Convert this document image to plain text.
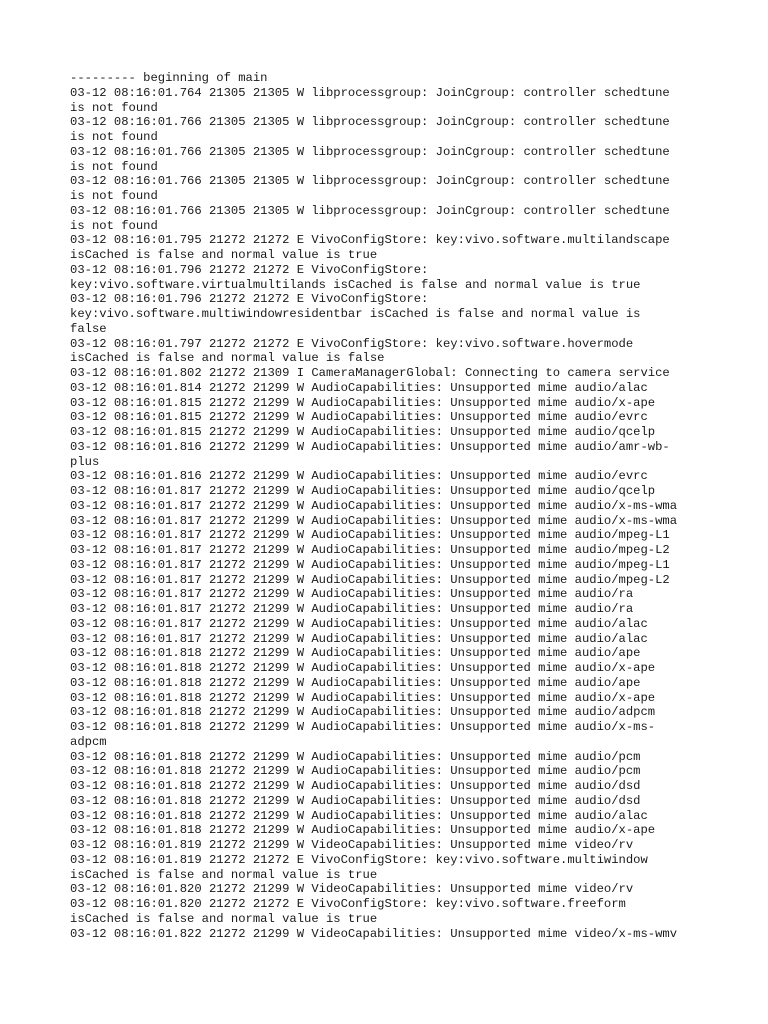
--------- beginning of main
03-12 08:16:01.764 21305 21305 W libprocessgroup: JoinCgroup: controller schedtune
is not found
03-12 08:16:01.766 21305 21305 W libprocessgroup: JoinCgroup: controller schedtune
is not found
03-12 08:16:01.766 21305 21305 W libprocessgroup: JoinCgroup: controller schedtune
is not found
03-12 08:16:01.766 21305 21305 W libprocessgroup: JoinCgroup: controller schedtune
is not found
03-12 08:16:01.766 21305 21305 W libprocessgroup: JoinCgroup: controller schedtune
is not found
03-12 08:16:01.795 21272 21272 E VivoConfigStore: key:vivo.software.multilandscape
isCached is false and normal value is true
03-12 08:16:01.796 21272 21272 E VivoConfigStore:
key:vivo.software.virtualmultilands isCached is false and normal value is true
03-12 08:16:01.796 21272 21272 E VivoConfigStore:
key:vivo.software.multiwindowresidentbar isCached is false and normal value is
false
03-12 08:16:01.797 21272 21272 E VivoConfigStore: key:vivo.software.hovermode
isCached is false and normal value is false
03-12 08:16:01.802 21272 21309 I CameraManagerGlobal: Connecting to camera service
03-12 08:16:01.814 21272 21299 W AudioCapabilities: Unsupported mime audio/alac
03-12 08:16:01.815 21272 21299 W AudioCapabilities: Unsupported mime audio/x-ape
03-12 08:16:01.815 21272 21299 W AudioCapabilities: Unsupported mime audio/evrc
03-12 08:16:01.815 21272 21299 W AudioCapabilities: Unsupported mime audio/qcelp
03-12 08:16:01.816 21272 21299 W AudioCapabilities: Unsupported mime audio/amr-wb-
plus
03-12 08:16:01.816 21272 21299 W AudioCapabilities: Unsupported mime audio/evrc
03-12 08:16:01.817 21272 21299 W AudioCapabilities: Unsupported mime audio/qcelp
03-12 08:16:01.817 21272 21299 W AudioCapabilities: Unsupported mime audio/x-ms-wma
03-12 08:16:01.817 21272 21299 W AudioCapabilities: Unsupported mime audio/x-ms-wma
03-12 08:16:01.817 21272 21299 W AudioCapabilities: Unsupported mime audio/mpeg-L1
03-12 08:16:01.817 21272 21299 W AudioCapabilities: Unsupported mime audio/mpeg-L2
03-12 08:16:01.817 21272 21299 W AudioCapabilities: Unsupported mime audio/mpeg-L1
03-12 08:16:01.817 21272 21299 W AudioCapabilities: Unsupported mime audio/mpeg-L2
03-12 08:16:01.817 21272 21299 W AudioCapabilities: Unsupported mime audio/ra
03-12 08:16:01.817 21272 21299 W AudioCapabilities: Unsupported mime audio/ra
03-12 08:16:01.817 21272 21299 W AudioCapabilities: Unsupported mime audio/alac
03-12 08:16:01.817 21272 21299 W AudioCapabilities: Unsupported mime audio/alac
03-12 08:16:01.818 21272 21299 W AudioCapabilities: Unsupported mime audio/ape
03-12 08:16:01.818 21272 21299 W AudioCapabilities: Unsupported mime audio/x-ape
03-12 08:16:01.818 21272 21299 W AudioCapabilities: Unsupported mime audio/ape
03-12 08:16:01.818 21272 21299 W AudioCapabilities: Unsupported mime audio/x-ape
03-12 08:16:01.818 21272 21299 W AudioCapabilities: Unsupported mime audio/adpcm
03-12 08:16:01.818 21272 21299 W AudioCapabilities: Unsupported mime audio/x-ms-
adpcm
03-12 08:16:01.818 21272 21299 W AudioCapabilities: Unsupported mime audio/pcm
03-12 08:16:01.818 21272 21299 W AudioCapabilities: Unsupported mime audio/pcm
03-12 08:16:01.818 21272 21299 W AudioCapabilities: Unsupported mime audio/dsd
03-12 08:16:01.818 21272 21299 W AudioCapabilities: Unsupported mime audio/dsd
03-12 08:16:01.818 21272 21299 W AudioCapabilities: Unsupported mime audio/alac
03-12 08:16:01.818 21272 21299 W AudioCapabilities: Unsupported mime audio/x-ape
03-12 08:16:01.819 21272 21299 W VideoCapabilities: Unsupported mime video/rv
03-12 08:16:01.819 21272 21272 E VivoConfigStore: key:vivo.software.multiwindow
isCached is false and normal value is true
03-12 08:16:01.820 21272 21299 W VideoCapabilities: Unsupported mime video/rv
03-12 08:16:01.820 21272 21272 E VivoConfigStore: key:vivo.software.freeform
isCached is false and normal value is true
03-12 08:16:01.822 21272 21299 W VideoCapabilities: Unsupported mime video/x-ms-wmv
